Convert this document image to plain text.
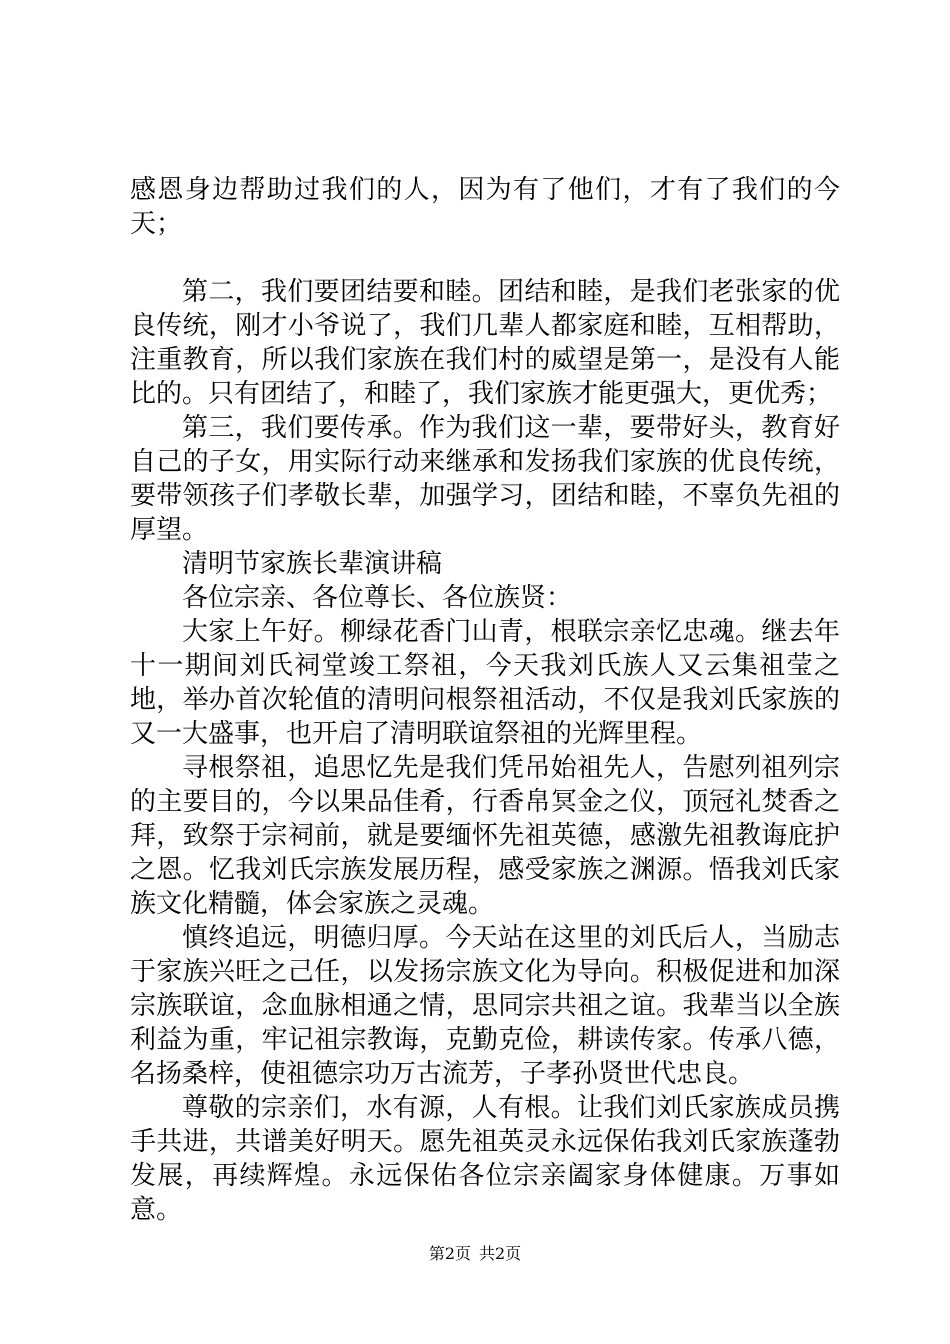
感恩身边帮助过我们的人，因为有了他们，才有了我们的今天；

第二，我们要团结要和睦。团结和睦，是我们老张家的优良传统，刚才小爷说了，我们几辈人都家庭和睦，互相帮助，注重教育，所以我们家族在我们村的威望是第一，是没有人能比的。只有团结了，和睦了，我们家族才能更强大，更优秀；

第三，我们要传承。作为我们这一辈，要带好头，教育好自己的子女，用实际行动来继承和发扬我们家族的优良传统，要带领孩子们孝敬长辈，加强学习，团结和睦，不辜负先祖的厚望。

清明节家族长辈演讲稿

各位宗亲、各位尊长、各位族贤：

大家上午好。柳绿花香门山青，根联宗亲忆忠魂。继去年十一期间刘氏祠堂竣工祭祖，今天我刘氏族人又云集祖莹之地，举办首次轮值的清明问根祭祖活动，不仅是我刘氏家族的又一大盛事，也开启了清明联谊祭祖的光辉里程。

寻根祭祖，追思忆先是我们凭吊始祖先人，告慰列祖列宗的主要目的，今以果品佳肴，行香帛冥金之仪，顶冠礼焚香之拜，致祭于宗祠前，就是要缅怀先祖英德，感激先祖教诲庇护之恩。忆我刘氏宗族发展历程，感受家族之渊源。悟我刘氏家族文化精髓，体会家族之灵魂。

慎终追远，明德归厚。今天站在这里的刘氏后人，当励志于家族兴旺之己任，以发扬宗族文化为导向。积极促进和加深宗族联谊，念血脉相通之情，思同宗共祖之谊。我辈当以全族利益为重，牢记祖宗教诲，克勤克俭，耕读传家。传承八德，名扬桑梓，使祖德宗功万古流芳，子孝孙贤世代忠良。

尊敬的宗亲们，水有源，人有根。让我们刘氏家族成员携手共进，共谱美好明天。愿先祖英灵永远保佑我刘氏家族蓬勃发展，再续辉煌。永远保佑各位宗亲阖家身体健康。万事如意。

第2页 共2页
